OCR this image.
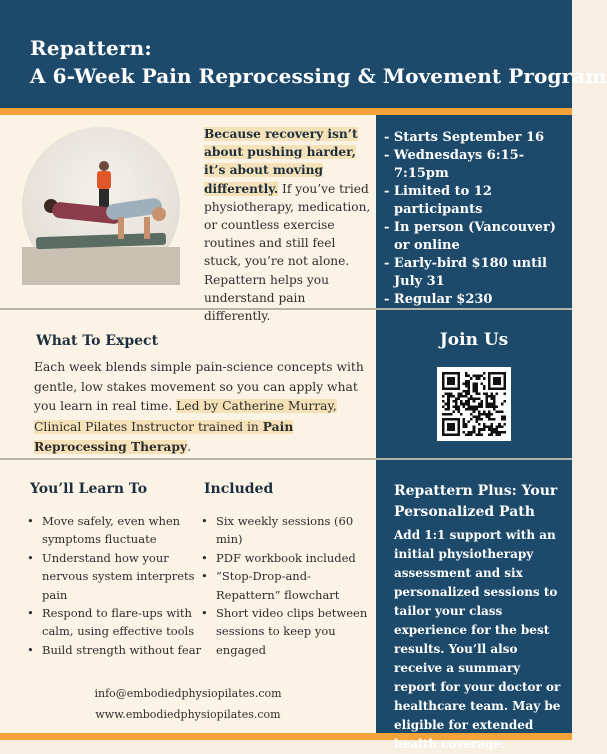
Repattern:
A 6-Week Pain Reprocessing & Movement Program
Because recovery isn’t about pushing harder, it’s about moving differently. If you’ve tried physiotherapy, medication, or countless exercise routines and still feel stuck, you’re not alone. Repattern helps you understand pain differently.
- Starts September 16
- Wednesdays 6:15-7:15pm
- Limited to 12 participants
- In person (Vancouver) or online
- Early-bird $180 until July 31
- Regular $230
What To Expect
Each week blends simple pain-science concepts with gentle, low stakes movement so you can apply what you learn in real time. Led by Catherine Murray, Clinical Pilates Instructor trained in Pain Reprocessing Therapy.
Join Us
You’ll Learn To
• Move safely, even when symptoms fluctuate
• Understand how your nervous system interprets pain
• Respond to flare-ups with calm, using effective tools
• Build strength without fear
Included
• Six weekly sessions (60 min)
• PDF workbook included
• “Stop-Drop-and-Repattern” flowchart
• Short video clips between sessions to keep you engaged
info@embodiedphysiopilates.com
www.embodiedphysiopilates.com
Repattern Plus: Your Personalized Path
Add 1:1 support with an initial physiotherapy assessment and six personalized sessions to tailor your class experience for the best results. You’ll also receive a summary report for your doctor or healthcare team. May be eligible for extended health coverage.
